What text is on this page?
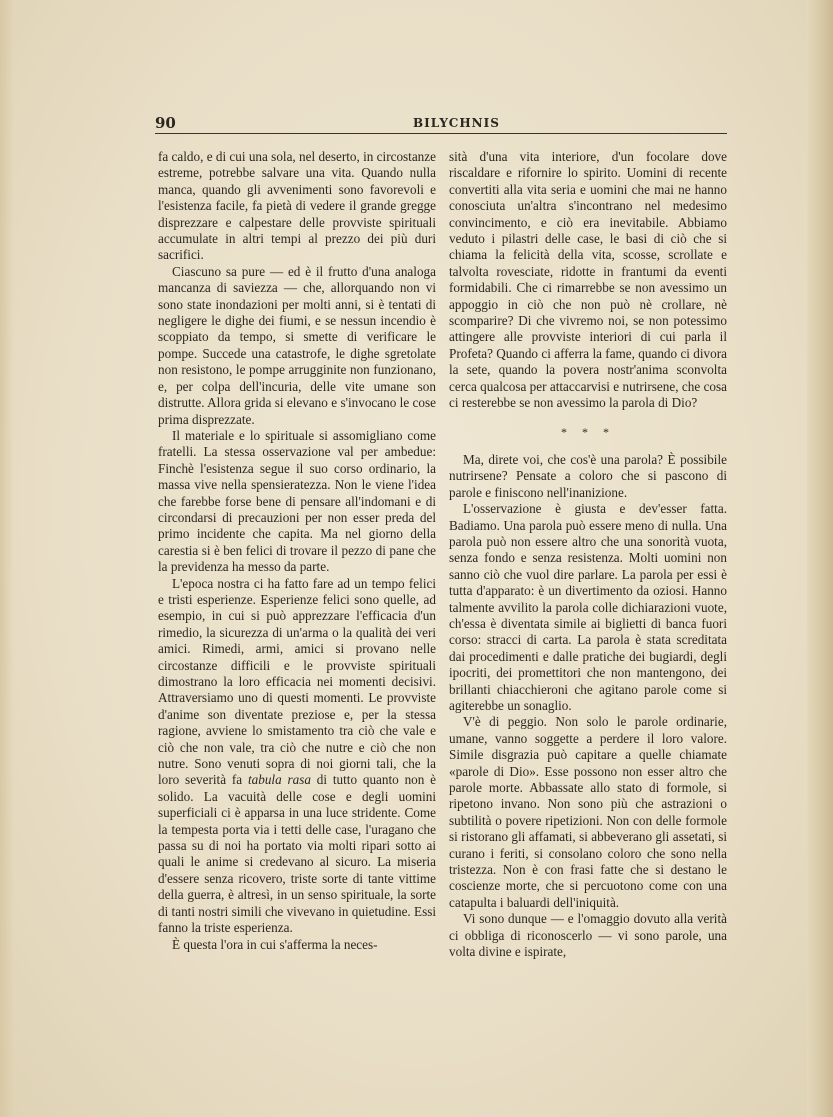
90	BILYCHNIS

fa caldo, e di cui una sola, nel deserto, in circostanze estreme, potrebbe salvare una vita. Quando nulla manca, quando gli avvenimenti sono favorevoli e l'esistenza facile, fa pietà di vedere il grande gregge disprezzare e calpestare delle provviste spirituali accumulate in altri tempi al prezzo dei più duri sacrifici.

Ciascuno sa pure — ed è il frutto d'una analoga mancanza di saviezza — che, allorquando non vi sono state inondazioni per molti anni, si è tentati di negligere le dighe dei fiumi, e se nessun incendio è scoppiato da tempo, si smette di verificare le pompe. Succede una catastrofe, le dighe sgretolate non resistono, le pompe arrugginite non funzionano, e, per colpa dell'incuria, delle vite umane son distrutte. Allora grida si elevano e s'invocano le cose prima disprezzate.

Il materiale e lo spirituale si assomigliano come fratelli. La stessa osservazione val per ambedue: Finchè l'esistenza segue il suo corso ordinario, la massa vive nella spensieratezza. Non le viene l'idea che farebbe forse bene di pensare all'indomani e di circondarsi di precauzioni per non esser preda del primo incidente che capita. Ma nel giorno della carestia si è ben felici di trovare il pezzo di pane che la previdenza ha messo da parte.

L'epoca nostra ci ha fatto fare ad un tempo felici e tristi esperienze. Esperienze felici sono quelle, ad esempio, in cui si può apprezzare l'efficacia d'un rimedio, la sicurezza di un'arma o la qualità dei veri amici. Rimedi, armi, amici si provano nelle circostanze difficili e le provviste spirituali dimostrano la loro efficacia nei momenti decisivi. Attraversiamo uno di questi momenti. Le provviste d'anime son diventate preziose e, per la stessa ragione, avviene lo smistamento tra ciò che vale e ciò che non vale, tra ciò che nutre e ciò che non nutre. Sono venuti sopra di noi giorni tali, che la loro severità fa tabula rasa di tutto quanto non è solido. La vacuità delle cose e degli uomini superficiali ci è apparsa in una luce stridente. Come la tempesta porta via i tetti delle case, l'uragano che passa su di noi ha portato via molti ripari sotto ai quali le anime si credevano al sicuro. La miseria d'essere senza ricovero, triste sorte di tante vittime della guerra, è altresì, in un senso spirituale, la sorte di tanti nostri simili che vivevano in quietudine. Essi fanno la triste esperienza.

È questa l'ora in cui s'afferma la neces-

sità d'una vita interiore, d'un focolare dove riscaldare e rifornire lo spirito. Uomini di recente convertiti alla vita seria e uomini che mai ne hanno conosciuta un'altra s'incontrano nel medesimo convincimento, e ciò era inevitabile. Abbiamo veduto i pilastri delle case, le basi di ciò che si chiama la felicità della vita, scosse, scrollate e talvolta rovesciate, ridotte in frantumi da eventi formidabili. Che ci rimarrebbe se non avessimo un appoggio in ciò che non può nè crollare, nè scomparire? Di che vivremo noi, se non potessimo attingere alle provviste interiori di cui parla il Profeta? Quando ci afferra la fame, quando ci divora la sete, quando la povera nostr'anima sconvolta cerca qualcosa per attaccarvisi e nutrirsene, che cosa ci resterebbe se non avessimo la parola di Dio?

* * *

Ma, direte voi, che cos'è una parola? È possibile nutrirsene? Pensate a coloro che si pascono di parole e finiscono nell'inanizione.

L'osservazione è giusta e dev'esser fatta. Badiamo. Una parola può essere meno di nulla. Una parola può non essere altro che una sonorità vuota, senza fondo e senza resistenza. Molti uomini non sanno ciò che vuol dire parlare. La parola per essi è tutta d'apparato: è un divertimento da oziosi. Hanno talmente avvilito la parola colle dichiarazioni vuote, ch'essa è diventata simile ai biglietti di banca fuori corso: stracci di carta. La parola è stata screditata dai procedimenti e dalle pratiche dei bugiardi, degli ipocriti, dei promettitori che non mantengono, dei brillanti chiacchieroni che agitano parole come si agiterebbe un sonaglio.

V'è di peggio. Non solo le parole ordinarie, umane, vanno soggette a perdere il loro valore. Simile disgrazia può capitare a quelle chiamate «parole di Dio». Esse possono non esser altro che parole morte. Abbassate allo stato di formole, si ripetono invano. Non sono più che astrazioni o subtilità o povere ripetizioni. Non con delle formole si ristorano gli affamati, si abbeverano gli assetati, si curano i feriti, si consolano coloro che sono nella tristezza. Non è con frasi fatte che si destano le coscienze morte, che si percuotono come con una catapulta i baluardi dell'iniquità.

Vi sono dunque — e l'omaggio dovuto alla verità ci obbliga di riconoscerlo — vi sono parole, una volta divine e ispirate,
